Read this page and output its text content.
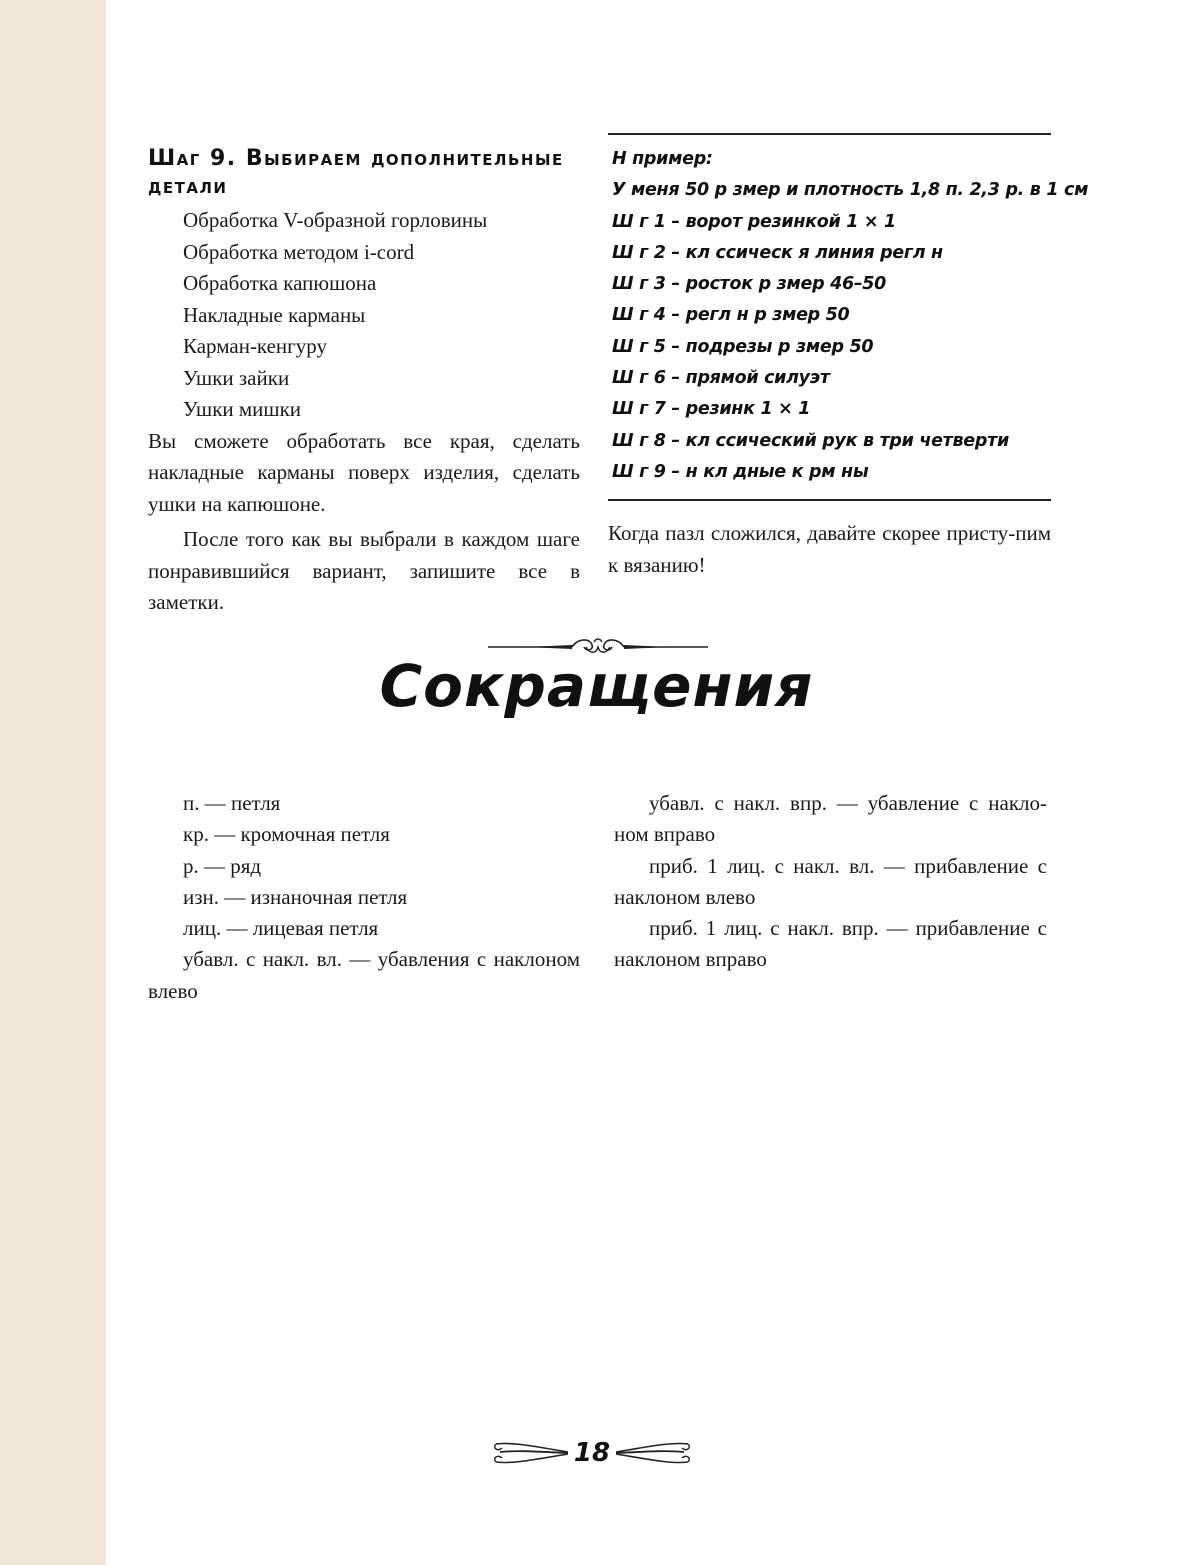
Шаг 9. Выбираем дополнительные детали
Обработка V-образной горловины
Обработка методом i-cord
Обработка капюшона
Накладные карманы
Карман-кенгуру
Ушки зайки
Ушки мишки

Вы сможете обработать все края, сделать накладные карманы поверх изделия, сделать ушки на капюшоне.

После того как вы выбрали в каждом шаге понравившийся вариант, запишите все в заметки.

Н пример:
У меня 50 р змер и плотность 1,8 п. 2,3 р. в 1 см
Ш г 1 – ворот резинкой 1 × 1
Ш г 2 – кл ссическ я линия регл н
Ш г 3 – росток р змер 46–50
Ш г 4 – регл н р змер 50
Ш г 5 – подрезы р змер 50
Ш г 6 – прямой силуэт
Ш г 7 – резинк 1 × 1
Ш г 8 – кл ссический рук в три четверти
Ш г 9 – н кл дные к рм ны

Когда пазл сложился, давайте скорее присту-пим к вязанию!

Сокращения

п. — петля

кр. — кромочная петля

р. — ряд

изн. — изнаночная петля

лиц. — лицевая петля

убавл. с накл. вл. — убавления с наклоном влево

убавл. с накл. впр. — убавление с накло-ном вправо

приб. 1 лиц. с накл. вл. — прибавление с наклоном влево

приб. 1 лиц. с накл. впр. — прибавление с наклоном вправо

18
